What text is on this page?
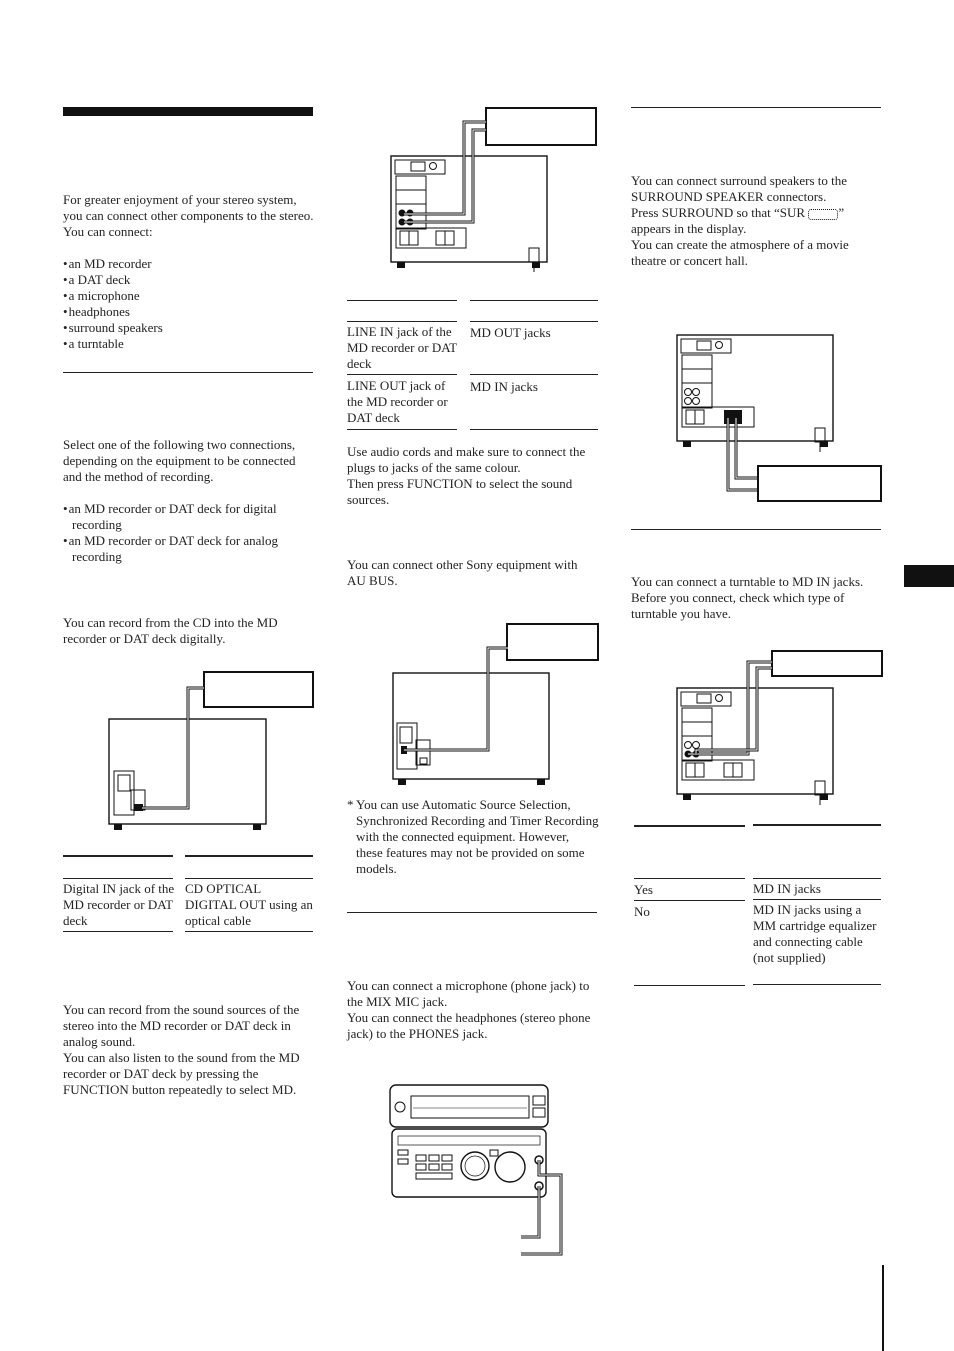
For greater enjoyment of your stereo system, you can connect other components to the stereo. You can connect:

• an MD recorder
• a DAT deck
• a microphone
• headphones
• surround speakers
• a turntable

Select one of the following two connections, depending on the equipment to be connected and the method of recording.

• an MD recorder or DAT deck for digital recording
• an MD recorder or DAT deck for analog recording

You can record from the CD into the MD recorder or DAT deck digitally.

Digital IN jack of the MD recorder or DAT deck
CD OPTICAL DIGITAL OUT using an optical cable

You can record from the sound sources of the stereo into the MD recorder or DAT deck in analog sound.

You can also listen to the sound from the MD recorder or DAT deck by pressing the FUNCTION button repeatedly to select MD.

LINE IN jack of the MD recorder or DAT deck
MD OUT jacks
LINE OUT jack of the MD recorder or DAT deck
MD IN jacks

Use audio cords and make sure to connect the plugs to jacks of the same colour.

Then press FUNCTION to select the sound sources.

You can connect other Sony equipment with AU BUS.

* You can use Automatic Source Selection, Synchronized Recording and Timer Recording with the connected equipment. However, these features may not be provided on some models.

You can connect a microphone (phone jack) to the MIX MIC jack.

You can connect the headphones (stereo phone jack) to the PHONES jack.

You can connect surround speakers to the SURROUND SPEAKER connectors.

Press SURROUND so that “SUR ” appears in the display.

You can create the atmosphere of a movie theatre or concert hall.

You can connect a turntable to MD IN jacks.

Before you connect, check which type of turntable you have.

Yes	MD IN jacks
No	MD IN jacks using a MM cartridge equalizer and connecting cable (not supplied)
